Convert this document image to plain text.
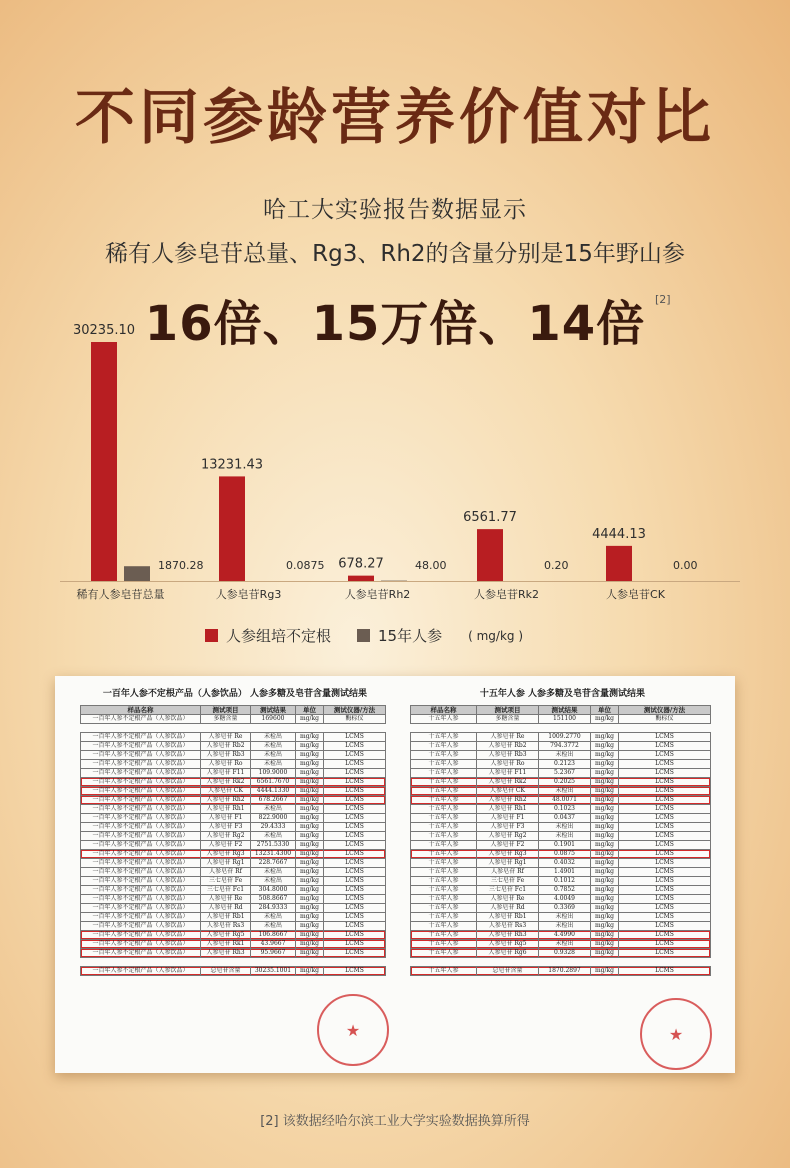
不同参龄营养价值对比
哈工大实验报告数据显示
稀有人参皂苷总量、Rg3、Rh2的含量分别是15年野山参
16倍、15万倍、14倍 [2]
30235.10
1870.28
稀有人参皂苷总量
13231.43
0.0875
人参皂苷Rg3
678.27	48.00
人参皂苷Rh2
6561.77
0.20
人参皂苷Rk2
4444.13
0.00
人参皂苷CK
人参组培不定根	15年人参 ( mg/kg )
一百年人参不定根产品（人参饮品） 人参多糖及皂苷含量测试结果
样品名称	测试项目	测试结果	单位	测试仪器/方法
一百年人参不定根产品（人参饮品）	多糖含量	169600	mg/kg	酶标仪

一百年人参不定根产品（人参饮品）	人参皂苷 Re	未检出	mg/kg	LCMS
一百年人参不定根产品（人参饮品）	人参皂苷 Rb2	未检出	mg/kg	LCMS
一百年人参不定根产品（人参饮品）	人参皂苷 Rb3	未检出	mg/kg	LCMS
一百年人参不定根产品（人参饮品）	人参皂苷 Ro	未检出	mg/kg	LCMS
一百年人参不定根产品（人参饮品）	人参皂苷 F11	109.9000	mg/kg	LCMS
一百年人参不定根产品（人参饮品）	人参皂苷 Rk2	6561.7670	mg/kg	LCMS
一百年人参不定根产品（人参饮品）	人参皂苷 CK	4444.1330	mg/kg	LCMS
一百年人参不定根产品（人参饮品）	人参皂苷 Rh2	678.2667	mg/kg	LCMS
一百年人参不定根产品（人参饮品）	人参皂苷 Rh1	未检出	mg/kg	LCMS
一百年人参不定根产品（人参饮品）	人参皂苷 F1	822.9000	mg/kg	LCMS
一百年人参不定根产品（人参饮品）	人参皂苷 F3	29.4333	mg/kg	LCMS
一百年人参不定根产品（人参饮品）	人参皂苷 Rg2	未检出	mg/kg	LCMS
一百年人参不定根产品（人参饮品）	人参皂苷 F2	2751.5330	mg/kg	LCMS
一百年人参不定根产品（人参饮品）	人参皂苷 Rg3	13231.4300	mg/kg	LCMS
一百年人参不定根产品（人参饮品）	人参皂苷 Rg1	228.7667	mg/kg	LCMS
一百年人参不定根产品（人参饮品）	人参皂苷 Rf	未检出	mg/kg	LCMS
一百年人参不定根产品（人参饮品）	三七皂苷 Fe	未检出	mg/kg	LCMS
一百年人参不定根产品（人参饮品）	三七皂苷 Fc1	304.8000	mg/kg	LCMS
一百年人参不定根产品（人参饮品）	人参皂苷 Re	508.8667	mg/kg	LCMS
一百年人参不定根产品（人参饮品）	人参皂苷 Rd	284.9333	mg/kg	LCMS
一百年人参不定根产品（人参饮品）	人参皂苷 Rb1	未检出	mg/kg	LCMS
一百年人参不定根产品（人参饮品）	人参皂苷 Rs3	未检出	mg/kg	LCMS
一百年人参不定根产品（人参饮品）	人参皂苷 Rg5	106.8667	mg/kg	LCMS
一百年人参不定根产品（人参饮品）	人参皂苷 Rk1	43.9667	mg/kg	LCMS
一百年人参不定根产品（人参饮品）	人参皂苷 Rh3	95.9667	mg/kg	LCMS

一百年人参不定根产品（人参饮品）	总皂苷含量	30235.1001	mg/kg	LCMS
十五年人参 人参多糖及皂苷含量测试结果
样品名称	测试项目	测试结果	单位	测试仪器/方法
十五年人参	多糖含量	151100	mg/kg	酶标仪

十五年人参	人参皂苷 Re	1009.2770	mg/kg	LCMS
十五年人参	人参皂苷 Rb2	794.3772	mg/kg	LCMS
十五年人参	人参皂苷 Rb3	未检出	mg/kg	LCMS
十五年人参	人参皂苷 Ro	0.2123	mg/kg	LCMS
十五年人参	人参皂苷 F11	5.2367	mg/kg	LCMS
十五年人参	人参皂苷 Rk2	0.2025	mg/kg	LCMS
十五年人参	人参皂苷 CK	未检出	mg/kg	LCMS
十五年人参	人参皂苷 Rh2	48.0071	mg/kg	LCMS
十五年人参	人参皂苷 Rh1	0.1023	mg/kg	LCMS
十五年人参	人参皂苷 F1	0.0437	mg/kg	LCMS
十五年人参	人参皂苷 F3	未检出	mg/kg	LCMS
十五年人参	人参皂苷 Rg2	未检出	mg/kg	LCMS
十五年人参	人参皂苷 F2	0.1901	mg/kg	LCMS
十五年人参	人参皂苷 Rg3	0.0875	mg/kg	LCMS
十五年人参	人参皂苷 Rg1	0.4032	mg/kg	LCMS
十五年人参	人参皂苷 Rf	1.4901	mg/kg	LCMS
十五年人参	三七皂苷 Fe	0.1012	mg/kg	LCMS
十五年人参	三七皂苷 Fc1	0.7852	mg/kg	LCMS
十五年人参	人参皂苷 Re	4.0049	mg/kg	LCMS
十五年人参	人参皂苷 Rd	0.3369	mg/kg	LCMS
十五年人参	人参皂苷 Rb1	未检出	mg/kg	LCMS
十五年人参	人参皂苷 Rs3	未检出	mg/kg	LCMS
十五年人参	人参皂苷 Rh3	4.4990	mg/kg	LCMS
十五年人参	人参皂苷 Rg5	未检出	mg/kg	LCMS
十五年人参	人参皂苷 Rg6	0.9328	mg/kg	LCMS

十五年人参	总皂苷含量	1870.2897	mg/kg	LCMS
★	★
[2] 该数据经哈尔滨工业大学实验数据换算所得
